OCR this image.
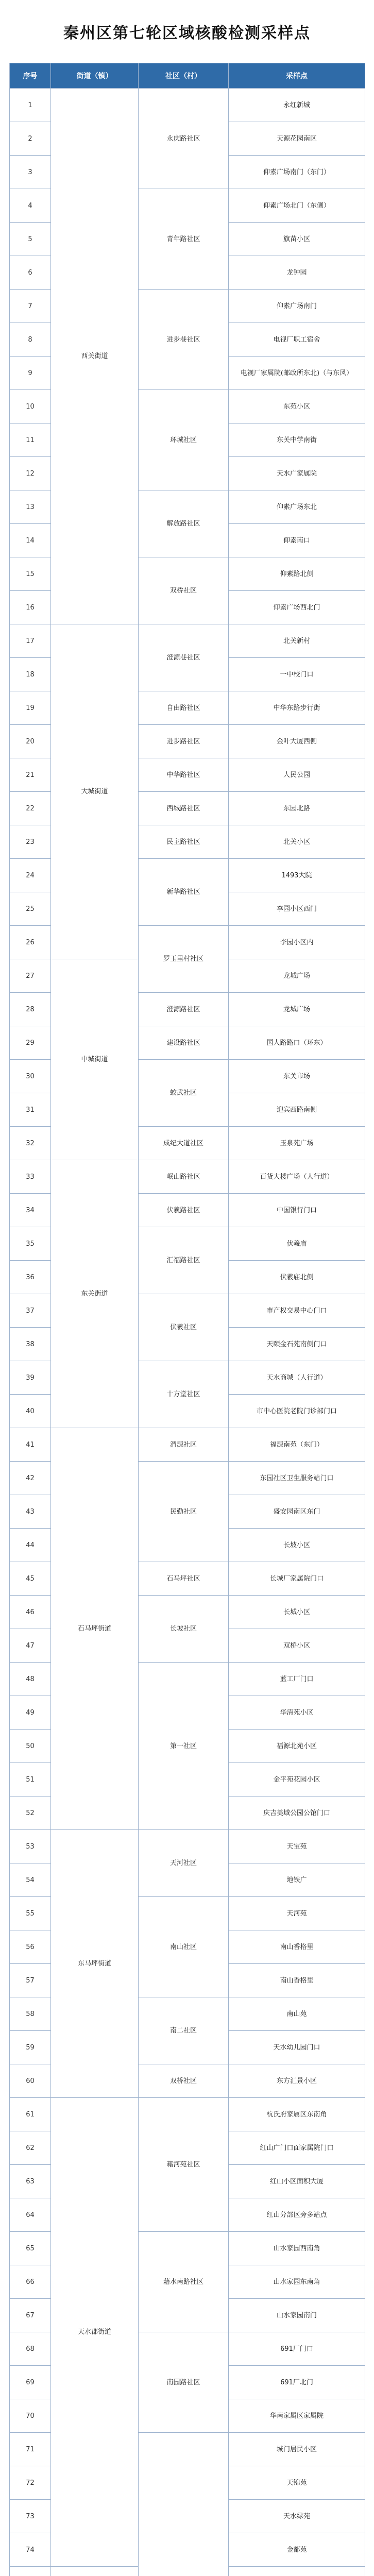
秦州区第七轮区域核酸检测采样点
序号	街道（镇）	社区（村）	采样点
1	西关街道	永庆路社区	永红新城
2			天源花园南区
3			仰素广场南门（东门）
4		青年路社区	仰素广场北门（东侧）
5			旗苗小区
6			龙钟园
7		进步巷社区	仰素广场南门
8			电视厂职工宿舍
9			电视厂家属院(邮政所东北)（与东风）
10		环城社区	东苑小区
11			东关中学南街
12			天水广家属院
13		解放路社区	仰素广场东北
14			仰素南口
15		双桥社区	仰素路北侧
16			仰素广场西北门
17	大城街道	澄源巷社区	北关新村
18			一中校门口
19		自由路社区	中华东路步行街
20		进步路社区	金叶大厦西侧
21		中华路社区	人民公园
22		西城路社区	东园北路
23		民主路社区	北关小区
24		新华路社区	1493大院
25			李园小区西门
26		罗玉里村社区	李园小区内
27	中城街道		龙城广场
28		澄源路社区	龙城广场
29		建设路社区	国人路路口（环东）
30		蛟武社区	东关市场
31			迎宾西路南侧
32		成纪大道社区	玉泉苑广场
33	东关街道	岷山路社区	百货大楼广场（人行道）
34		伏羲路社区	中国银行门口
35		汇福路社区	伏羲庙
36			伏羲庙北侧
37		伏羲社区	市产权交易中心门口
38			天颐金石苑南侧门口
39		十方堂社区	天水商城（人行道）
40			市中心医院老院门诊部门口
41	石马坪街道	渭源社区	福源南苑（东门）
42		民勤社区	东园社区卫生服务站门口
43			盛安园南区东门
44			长坡小区
45		石马坪社区	长城厂家属院门口
46		长坡社区	长城小区
47			双桥小区
48		第一社区	蓝工厂门口
49			华清苑小区
50			福源北苑小区
51			金平苑花园小区
52			庆吉美域公园公馆门口
53	东马坪街道	天河社区	天宝苑
54			地铁广
55		南山社区	天河苑
56			南山香格里
57			南山香格里
58		南二社区	南山苑
59			天水幼儿园门口
60		双桥社区	东方汇景小区
61	天水郡街道	藉河苑社区	杭氏府家属区东南角
62			红山广门口面家属院门口
63			红山小区面积大厦
64			红山分部区旁多站点
65		藉水南路社区	山水家园西南角
66			山水家园东南角
67			山水家园南门
68		南园路社区	691厂门口
69			691厂北门
70			华南家属区家属院
71			城门居民小区
72			天锦苑
73			天水绿苑
74			金都苑
